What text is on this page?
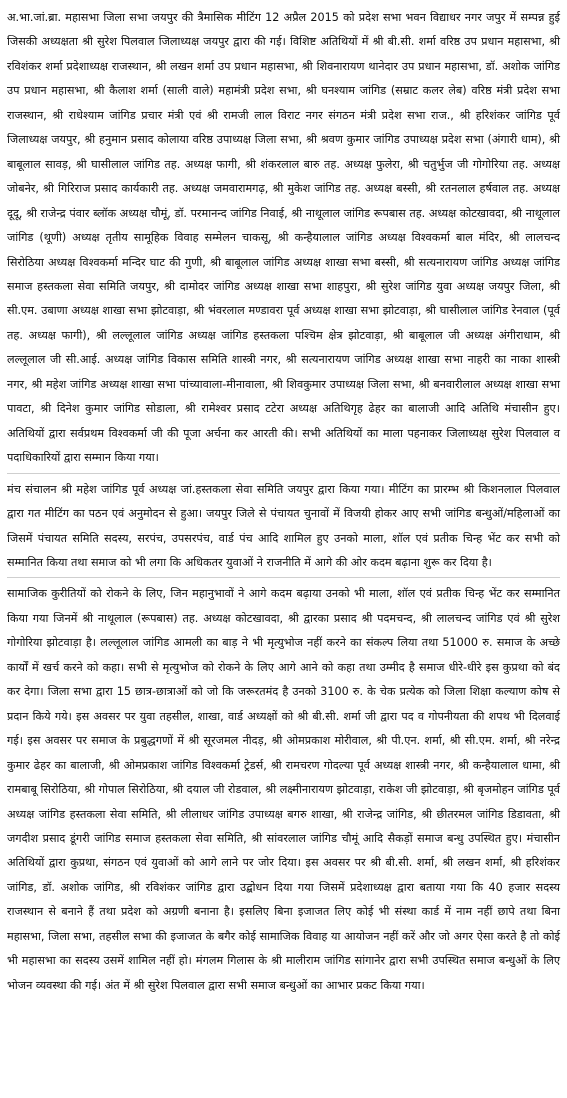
अ.भा.जां.ब्रा. महासभा जिला सभा जयपुर की त्रैमासिक मीटिंग 12 अप्रैल 2015 को प्रदेश सभा भवन विद्याधर नगर जपुर में सम्पन्न हुई जिसकी अध्यक्षता श्री सुरेश पिलवाल जिलाध्यक्ष जयपुर द्वारा की गई। विशिष्ट अतिथियों में श्री बी.सी. शर्मा वरिष्ठ उप प्रधान महासभा, श्री रविशंकर शर्मा प्रदेशाध्यक्ष राजस्थान, श्री लखन शर्मा उप प्रधान महासभा, श्री शिवनारायण थानेदार उप प्रधान महासभा, डॉ. अशोक जांगिड उप प्रधान महासभा, श्री कैलाश शर्मा (साली वाले) महामंत्री प्रदेश सभा, श्री घनश्याम जांगिड (सम्राट कलर लेब) वरिष्ठ मंत्री प्रदेश सभा राजस्थान, श्री राधेश्याम जांगिड प्रचार मंत्री एवं श्री रामजी लाल विराट नगर संगठन मंत्री प्रदेश सभा राज., श्री हरिशंकर जांगिड पूर्व जिलाध्यक्ष जयपुर, श्री हनुमान प्रसाद कोलाया वरिष्ठ उपाध्यक्ष जिला सभा, श्री श्रवण कुमार जांगिड उपाध्यक्ष प्रदेश सभा (अंगारी धाम), श्री बाबूलाल सावड़, श्री घासीलाल जांगिड तह. अध्यक्ष फागी, श्री शंकरलाल बारु तह. अध्यक्ष फुलेरा, श्री चतुर्भुज जी गोगोरिया तह. अध्यक्ष जोबनेर, श्री गिरिराज प्रसाद कार्यकारी तह. अध्यक्ष जमवारामगढ़, श्री मुकेश जांगिड तह. अध्यक्ष बस्सी, श्री रतनलाल हर्षवाल तह. अध्यक्ष दूदू, श्री राजेन्द्र पंवार ब्लॉक अध्यक्ष चौमूं, डॉ. परमानन्द जांगिड निवाई, श्री नाथूलाल जांगिड रूपबास तह. अध्यक्ष कोटखावदा, श्री नाथूलाल जांगिड (थूणी) अध्यक्ष तृतीय सामूहिक विवाह सम्मेलन चाकसू, श्री कन्हैयालाल जांगिड अध्यक्ष विश्वकर्मा बाल मंदिर, श्री लालचन्द सिरोठिया अध्यक्ष विश्वकर्मा मन्दिर घाट की गुणी, श्री बाबूलाल जांगिड अध्यक्ष शाखा सभा बस्सी, श्री सत्यनारायण जांगिड अध्यक्ष जांगिड समाज हस्तकला सेवा समिति जयपुर, श्री दामोदर जांगिड अध्यक्ष शाखा सभा शाहपुरा, श्री सुरेश जांगिड युवा अध्यक्ष जयपुर जिला, श्री सी.एम. उबाणा अध्यक्ष शाखा सभा झोटवाड़ा, श्री भंवरलाल मण्डावरा पूर्व अध्यक्ष शाखा सभा झोटवाड़ा, श्री घासीलाल जांगिड रेनवाल (पूर्व तह. अध्यक्ष फागी), श्री लल्लूलाल जांगिड अध्यक्ष जांगिड हस्तकला पश्चिम क्षेत्र झोटवाड़ा, श्री बाबूलाल जी अध्यक्ष अंगीराधाम, श्री लल्लूलाल जी सी.आई. अध्यक्ष जांगिड विकास समिति शास्त्री नगर, श्री सत्यनारायण जांगिड अध्यक्ष शाखा सभा नाहरी का नाका शास्त्री नगर, श्री महेश जांगिड अध्यक्ष शाखा सभा पांच्यावाला-मीनावाला, श्री शिवकुमार उपाध्यक्ष जिला सभा, श्री बनवारीलाल अध्यक्ष शाखा सभा पावटा, श्री दिनेश कुमार जांगिड सोडाला, श्री रामेश्वर प्रसाद टटेरा अध्यक्ष अतिथिगृह ढेहर का बालाजी आदि अतिथि मंचासीन हुए। अतिथियों द्वारा सर्वप्रथम विश्वकर्मा जी की पूजा अर्चना कर आरती की। सभी अतिथियों का माला पहनाकर जिलाध्यक्ष सुरेश पिलवाल व पदाधिकारियों द्वारा सम्मान किया गया।

मंच संचालन श्री महेश जांगिड पूर्व अध्यक्ष जां.हस्तकला सेवा समिति जयपुर द्वारा किया गया। मीटिंग का प्रारम्भ श्री किशनलाल पिलवाल द्वारा गत मीटिंग का पठन एवं अनुमोदन से हुआ। जयपुर जिले से पंचायत चुनावों में विजयी होकर आए सभी जांगिड बन्धुओं/महिलाओं का जिसमें पंचायत समिति सदस्य, सरपंच, उपसरपंच, वार्ड पंच आदि शामिल हुए उनको माला, शॉल एवं प्रतीक चिन्ह भेंट कर सभी को सम्मानित किया तथा समाज को भी लगा कि अधिकतर युवाओं ने राजनीति में आगे की ओर कदम बढ़ाना शुरू कर दिया है।

सामाजिक कुरीतियों को रोकने के लिए, जिन महानुभावों ने आगे कदम बढ़ाया उनको भी माला, शॉल एवं प्रतीक चिन्ह भेंट कर सम्मानित किया गया जिनमें श्री नाथूलाल (रूपबास) तह. अध्यक्ष कोटखावदा, श्री द्वारका प्रसाद श्री पदमचन्द, श्री लालचन्द जांगिड एवं श्री सुरेश गोगोरिया झोटवाड़ा है। लल्लूलाल जांगिड आमली का बाड़ ने भी मृत्युभोज नहीं करने का संकल्प लिया तथा 51000 रु. समाज के अच्छे कार्यों में खर्च करने को कहा। सभी से मृत्युभोज को रोकने के लिए आगे आने को कहा तथा उम्मीद है समाज धीरे-धीरे इस कुप्रथा को बंद कर देगा। जिला सभा द्वारा 15 छात्र-छात्राओं को जो कि जरूरतमंद है उनको 3100 रु. के चेक प्रत्येक को जिला शिक्षा कल्याण कोष से प्रदान किये गये। इस अवसर पर युवा तहसील, शाखा, वार्ड अध्यक्षों को श्री बी.सी. शर्मा जी द्वारा पद व गोपनीयता की शपथ भी दिलवाई गई। इस अवसर पर समाज के प्रबुद्धगणों में श्री सूरजमल नीदड़, श्री ओमप्रकाश मोरीवाल, श्री पी.एन. शर्मा, श्री सी.एम. शर्मा, श्री नरेन्द्र कुमार ढेहर का बालाजी, श्री ओमप्रकाश जांगिड विश्वकर्मा ट्रेडर्स, श्री रामचरण गोदल्या पूर्व अध्यक्ष शास्त्री नगर, श्री कन्हैयालाल धामा, श्री रामबाबू सिरोठिया, श्री गोपाल सिरोठिया, श्री दयाल जी रोडवाल, श्री लक्ष्मीनारायण झोटवाड़ा, राकेश जी झोटवाड़ा, श्री बृजमोहन जांगिड पूर्व अध्यक्ष जांगिड हस्तकला सेवा समिति, श्री लीलाधर जांगिड उपाध्यक्ष बगरु शाखा, श्री राजेन्द्र जांगिड, श्री छीतरमल जांगिड डिडावता, श्री जगदीश प्रसाद डूंगरी जांगिड समाज हस्तकला सेवा समिति, श्री सांवरलाल जांगिड चौमूं आदि सैकड़ों समाज बन्धु उपस्थित हुए। मंचासीन अतिथियों द्वारा कुप्रथा, संगठन एवं युवाओं को आगे लाने पर जोर दिया। इस अवसर पर श्री बी.सी. शर्मा, श्री लखन शर्मा, श्री हरिशंकर जांगिड, डॉ. अशोक जांगिड, श्री रविशंकर जांगिड द्वारा उद्बोधन दिया गया जिसमें प्रदेशाध्यक्ष द्वारा बताया गया कि 40 हजार सदस्य राजस्थान से बनाने हैं तथा प्रदेश को अग्रणी बनाना है। इसलिए बिना इजाजत लिए कोई भी संस्था कार्ड में नाम नहीं छापे तथा बिना महासभा, जिला सभा, तहसील सभा की इजाजत के बगैर कोई सामाजिक विवाह या आयोजन नहीं करें और जो अगर ऐसा करते है तो कोई भी महासभा का सदस्य उसमें शामिल नहीं हो। मंगलम गिलास के श्री मालीराम जांगिड सांगानेर द्वारा सभी उपस्थित समाज बन्धुओं के लिए भोजन व्यवस्था की गई। अंत में श्री सुरेश पिलवाल द्वारा सभी समाज बन्धुओं का आभार प्रकट किया गया।
